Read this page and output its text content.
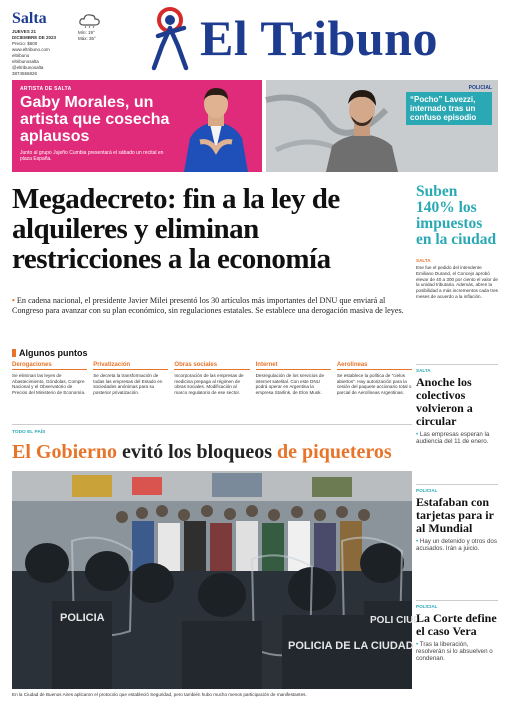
Salta
JUEVES 21
DICIEMBRE DE 2023
Precio: $600
www.eltribuno.com
eltribuno
eltribunosalta
@eltribunosalta
3874556826
Mín: 19°
Máx: 35° El Tribuno
ARTISTA DE SALTA
Gaby Morales, un artista que cosecha aplausos
Junto al grupo Jujeño Cumbia presentará el sábado un recital en plaza España.
POLICIAL
“Pocho” Lavezzi, internado tras un confuso episodio
Megadecreto: fin a la ley de alquileres y eliminan restricciones a la economía
• En cadena nacional, el presidente Javier Milei presentó los 30 artículos más importantes del DNU que enviará al Congreso para avanzar con su plan económico, sin regulaciones estatales. Se establece una derogación masiva de leyes.
Algunos puntos
Derogaciones
Se eliminan las leyes de Abastecimiento, Góndolas, Compre Nacional y el Observatorio de Precios del Ministerio de Economía.
Privatización
Se decreta la transformación de todas las empresas del Estado en sociedades anónimas para su posterior privatización.
Obras sociales
Incorporación de las empresas de medicina prepaga al régimen de obras sociales. Modificación al marco regulatorio de ese sector.
Internet
Desregulación de los servicios de internet satelital. Con este DNU podrá operar en Argentina la empresa Starlink, de Elon Musk.
Aerolíneas
Se establece la política de “cielos abiertos”. Hay autorización para la cesión del paquete accionario total o parcial de Aerolíneas Argentinas.
TODO EL PAÍS
El Gobierno evitó los bloqueos de piqueteros
POLICIA
POLICIA DE LA CIUDAD
POLI CIUD
En la Ciudad de Buenos Aires aplicaron el protocolo que estableció Seguridad, pero también hubo mucho menos participación de manifestantes.
Suben 140% los impuestos en la ciudad
SALTA
Ese fue el pedido del intendente Emiliano Durand, el Concejo aprobó elevar de 40 a 300 por ciento el valor de la unidad tributaria. Además, abren la posibilidad a más incrementos cada tres meses de acuerdo a la inflación.
SALTA
Anoche los colectivos volvieron a circular
• Las empresas esperan la audiencia del 11 de enero.
POLICIAL
Estafaban con tarjetas para ir al Mundial
• Hay un detenido y otros dos acusados. Irán a juicio.
POLICIAL
La Corte define el caso Vera
• Tras la liberación, resolverán si lo absuelven o condenan.
